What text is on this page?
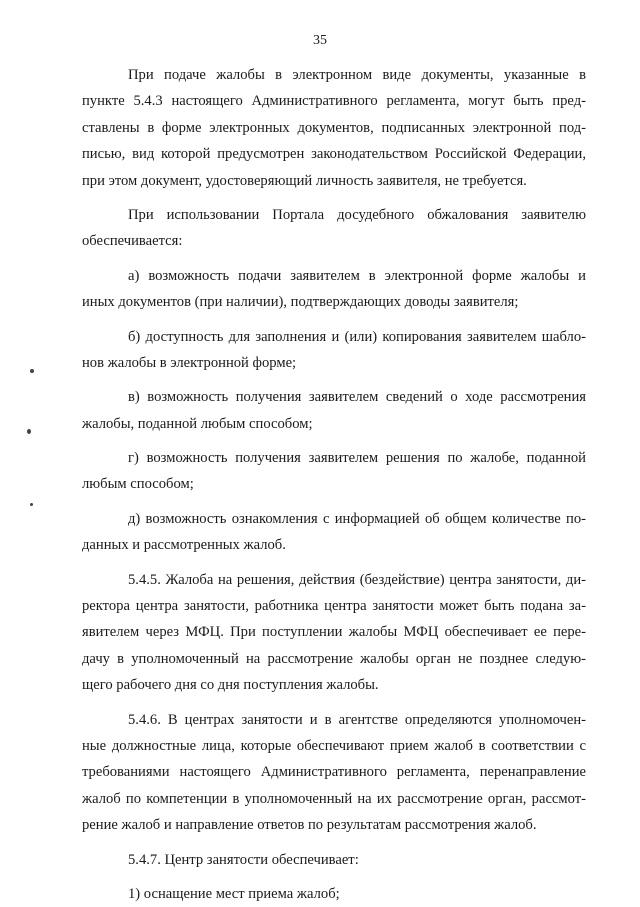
35
При подаче жалобы в электронном виде документы, указанные в
пункте 5.4.3 настоящего Административного регламента, могут быть пред-
ставлены в форме электронных документов, подписанных электронной под-
писью, вид которой предусмотрен законодательством Российской Федерации,
при этом документ, удостоверяющий личность заявителя, не требуется.
При использовании Портала досудебного обжалования заявителю
обеспечивается:
а) возможность подачи заявителем в электронной форме жалобы и
иных документов (при наличии), подтверждающих доводы заявителя;
б) доступность для заполнения и (или) копирования заявителем шабло-
нов жалобы в электронной форме;
в) возможность получения заявителем сведений о ходе рассмотрения
жалобы, поданной любым способом;
г) возможность получения заявителем решения по жалобе, поданной
любым способом;
д) возможность ознакомления с информацией об общем количестве по-
данных и рассмотренных жалоб.
5.4.5. Жалоба на решения, действия (бездействие) центра занятости, ди-
ректора центра занятости, работника центра занятости может быть подана за-
явителем через МФЦ. При поступлении жалобы МФЦ обеспечивает ее пере-
дачу в уполномоченный на рассмотрение жалобы орган не позднее следую-
щего рабочего дня со дня поступления жалобы.
5.4.6. В центрах занятости и в агентстве определяются уполномочен-
ные должностные лица, которые обеспечивают прием жалоб в соответствии с
требованиями настоящего Административного регламента, перенаправление
жалоб по компетенции в уполномоченный на их рассмотрение орган, рассмот-
рение жалоб и направление ответов по результатам рассмотрения жалоб.
5.4.7. Центр занятости обеспечивает:
1) оснащение мест приема жалоб;
